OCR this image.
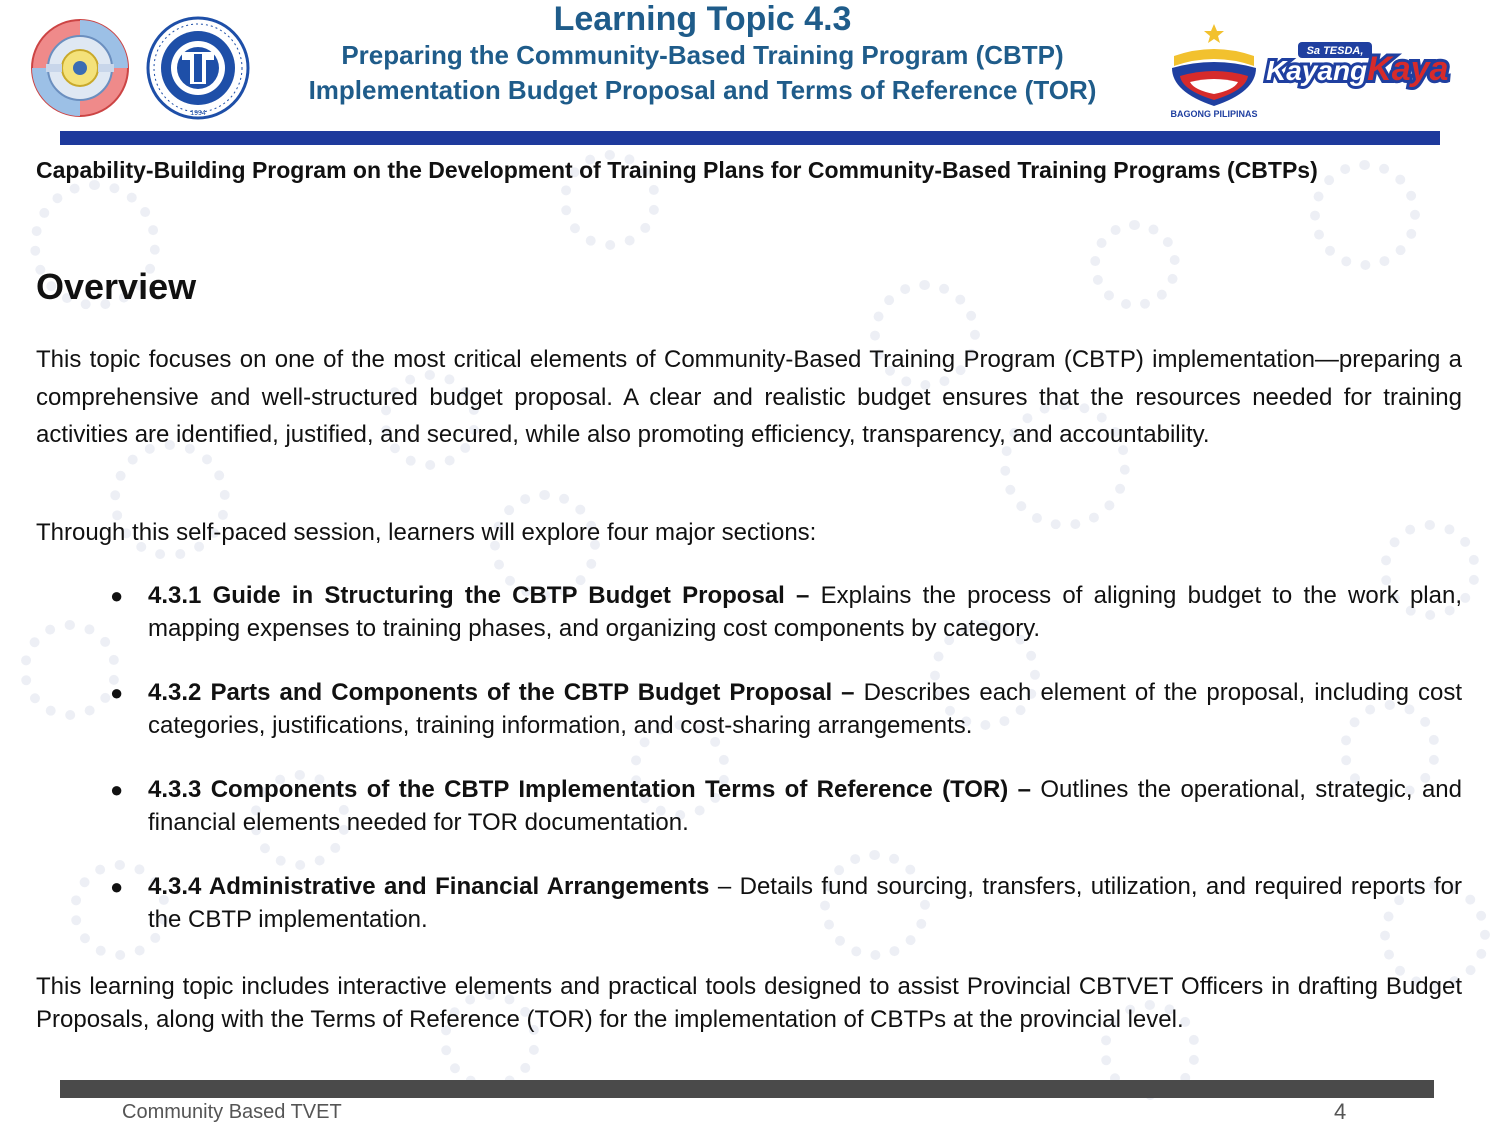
1994

Learning Topic 4.3

Preparing the Community-Based Training Program (CBTP)

Implementation Budget Proposal and Terms of Reference (TOR)

BAGONG PILIPINAS
Sa TESDA,
KayangKaya
Capability-Building Program on the Development of Training Plans for Community-Based Training Programs (CBTPs)
Overview

This topic focuses on one of the most critical elements of Community-Based Training Program (CBTP) implementation—preparing a comprehensive and well-structured budget proposal. A clear and realistic budget ensures that the resources needed for training activities are identified, justified, and secured, while also promoting efficiency, transparency, and accountability.

Through this self-paced session, learners will explore four major sections:

● 4.3.1 Guide in Structuring the CBTP Budget Proposal – Explains the process of aligning budget to the work plan, mapping expenses to training phases, and organizing cost components by category.
● 4.3.2 Parts and Components of the CBTP Budget Proposal – Describes each element of the proposal, including cost categories, justifications, training information, and cost-sharing arrangements.
● 4.3.3 Components of the CBTP Implementation Terms of Reference (TOR) – Outlines the operational, strategic, and financial elements needed for TOR documentation.
● 4.3.4 Administrative and Financial Arrangements – Details fund sourcing, transfers, utilization, and required reports for the CBTP implementation.

This learning topic includes interactive elements and practical tools designed to assist Provincial CBTVET Officers in drafting Budget Proposals, along with the Terms of Reference (TOR) for the implementation of CBTPs at the provincial level.

Community Based TVET	4
